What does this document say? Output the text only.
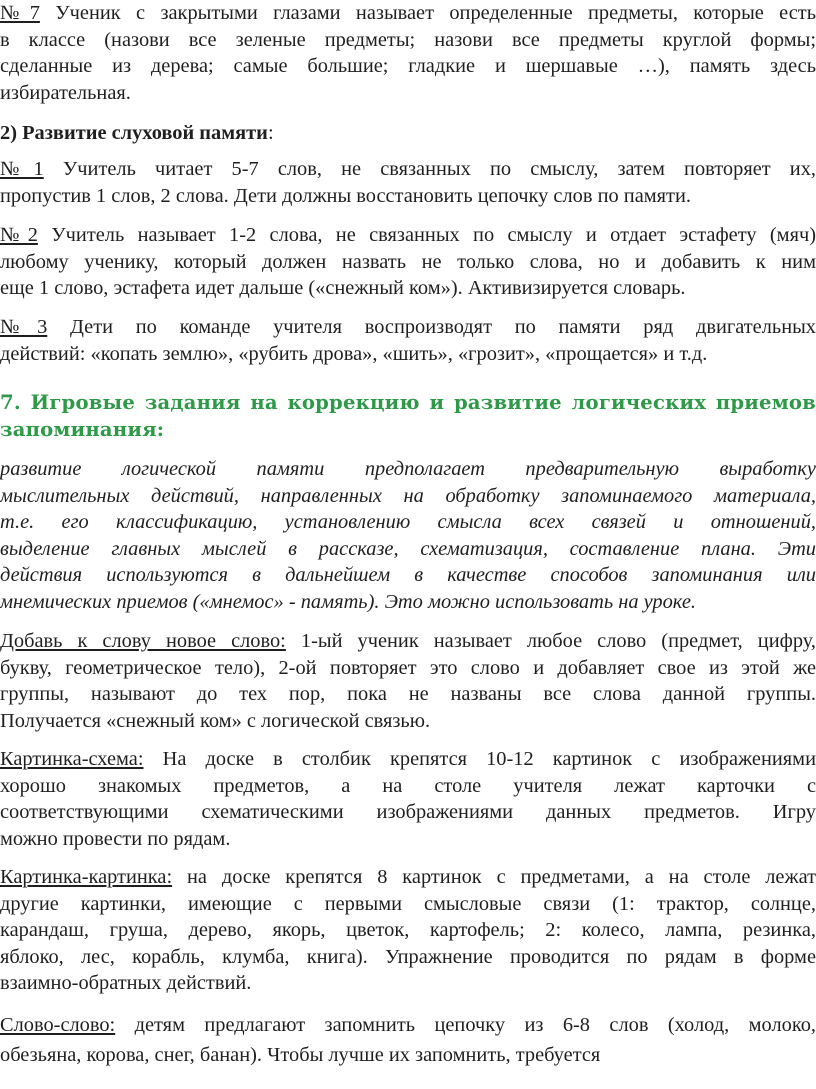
№7 Ученик с закрытыми глазами называет определенные предметы, которые есть
в классе (назови все зеленые предметы; назови все предметы круглой формы;
сделанные из дерева; самые большие; гладкие и шершавые …), память здесь
избирательная.
2) Развитие слуховой памяти:
№1 Учитель читает 5-7 слов, не связанных по смыслу, затем повторяет их,
пропустив 1 слов, 2 слова. Дети должны восстановить цепочку слов по памяти.
№2 Учитель называет 1-2 слова, не связанных по смыслу и отдает эстафету (мяч)
любому ученику, который должен назвать не только слова, но и добавить к ним
еще 1 слово, эстафета идет дальше («снежный ком»). Активизируется словарь.
№3 Дети по команде учителя воспроизводят по памяти ряд двигательных
действий: «копать землю», «рубить дрова», «шить», «грозит», «прощается» и т.д.
7. Игровые задания на коррекцию и развитие логических приемов
запоминания:
развитие логической памяти предполагает предварительную выработку
мыслительных действий, направленных на обработку запоминаемого материала,
т.е. его классификацию, установлению смысла всех связей и отношений,
выделение главных мыслей в рассказе, схематизация, составление плана. Эти
действия используются в дальнейшем в качестве способов запоминания или
мнемических приемов («мнемос» - память). Это можно использовать на уроке.
Добавь к слову новое слово: 1-ый ученик называет любое слово (предмет, цифру,
букву, геометрическое тело), 2-ой повторяет это слово и добавляет свое из этой же
группы, называют до тех пор, пока не названы все слова данной группы.
Получается «снежный ком» с логической связью.
Картинка-схема: На доске в столбик крепятся 10-12 картинок с изображениями
хорошо знакомых предметов, а на столе учителя лежат карточки с
соответствующими схематическими изображениями данных предметов. Игру
можно провести по рядам.
Картинка-картинка: на доске крепятся 8 картинок с предметами, а на столе лежат
другие картинки, имеющие с первыми смысловые связи (1: трактор, солнце,
карандаш, груша, дерево, якорь, цветок, картофель; 2: колесо, лампа, резинка,
яблоко, лес, корабль, клумба, книга). Упражнение проводится по рядам в форме
взаимно-обратных действий.
Слово-слово: детям предлагают запомнить цепочку из 6-8 слов (холод, молоко,
обезьяна, корова, снег, банан). Чтобы лучше их запомнить, требуется
